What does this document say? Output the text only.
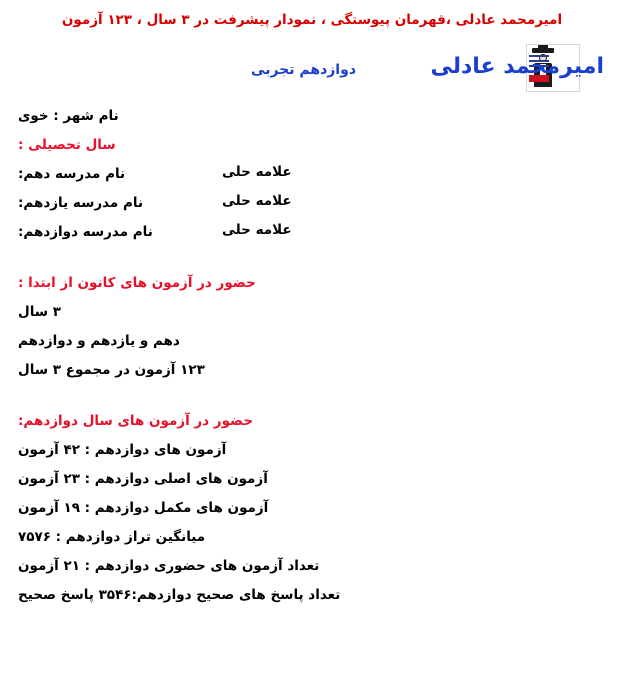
امیرمحمد عادلی ،قهرمان پیوستگی ، نمودار پیشرفت در ۳ سال ، ۱۲۳ آزمون
امیرمحمد عادلی
دوازدهم تجربی
نام شهر : خوی
سال تحصیلی :
نام مدرسه دهم:	علامه حلی
نام مدرسه یازدهم:	علامه حلی
نام مدرسه دوازدهم:	علامه حلی
حضور در آزمون های کانون از ابتدا :
۳ سال
دهم و یازدهم و دوازدهم
۱۲۳ آزمون در مجموع ۳ سال
حضور در آزمون های سال دوازدهم:
آزمون های دوازدهم : ۴۲ آزمون
آزمون های اصلی دوازدهم : ۲۳ آزمون
آزمون های مکمل دوازدهم : ۱۹ آزمون
میانگین تراز دوازدهم : ۷۵۷۶
تعداد آزمون های حضوری دوازدهم : ۲۱ آزمون
تعداد پاسخ های صحیح دوازدهم:۳۵۴۶ پاسخ صحیح
